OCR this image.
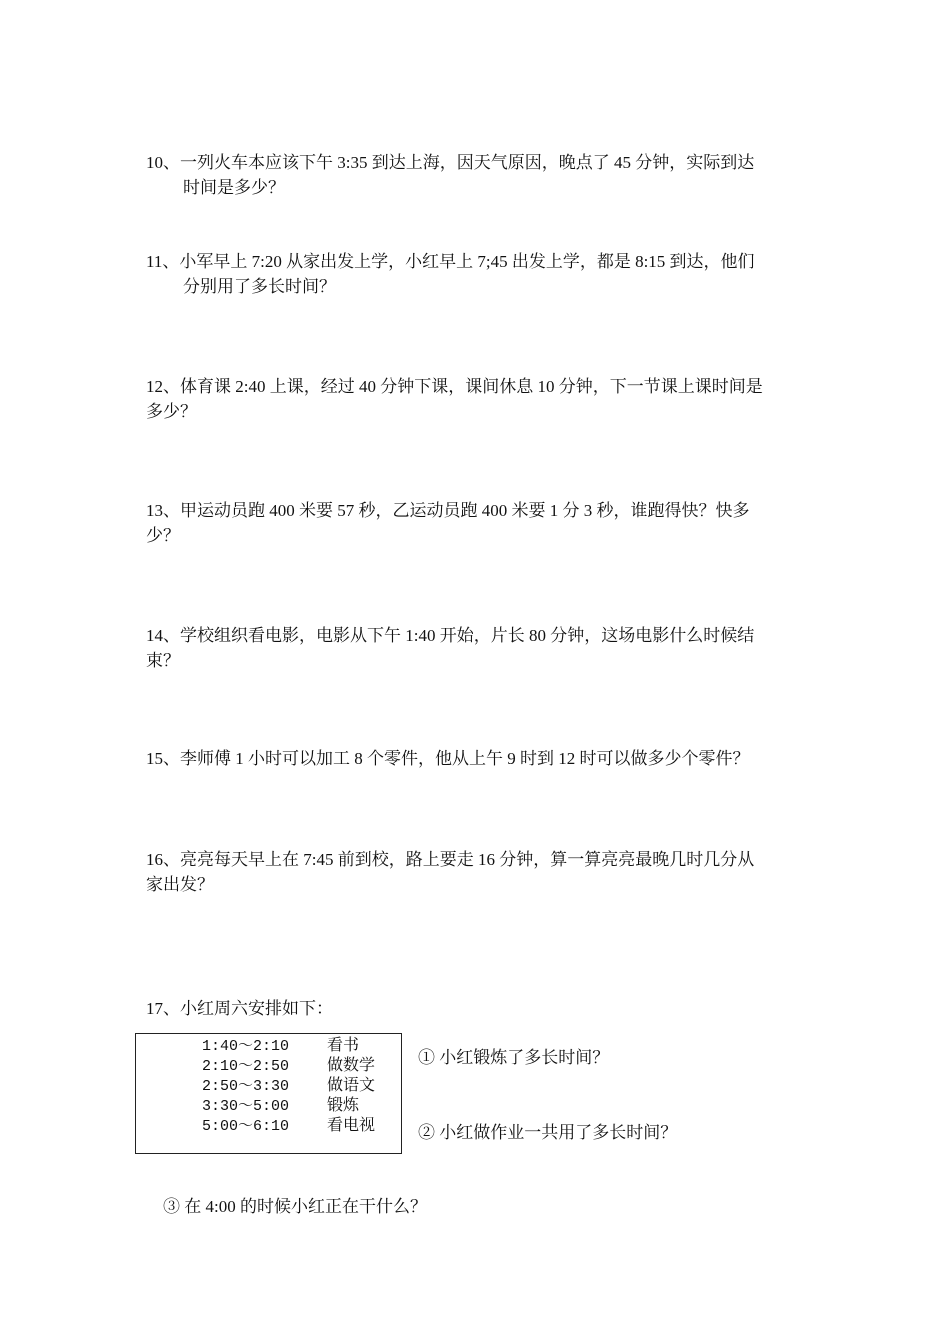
10、一列火车本应该下午 3:35 到达上海，因天气原因，晚点了 45 分钟，实际到达
时间是多少？
11、小军早上 7:20 从家出发上学，小红早上 7;45 出发上学，都是 8:15 到达，他们
分别用了多长时间？
12、体育课 2:40 上课，经过 40 分钟下课，课间休息 10 分钟，下一节课上课时间是
多少？
13、甲运动员跑 400 米要 57 秒，乙运动员跑 400 米要 1 分 3 秒，谁跑得快？快多
少？
14、学校组织看电影，电影从下午 1:40 开始，片长 80 分钟，这场电影什么时候结
束？
15、李师傅 1 小时可以加工 8 个零件，他从上午 9 时到 12 时可以做多少个零件？
16、亮亮每天早上在 7:45 前到校，路上要走 16 分钟，算一算亮亮最晚几时几分从
家出发？
17、小红周六安排如下：
1:40～2:10 看书
2:10～2:50 做数学
2:50～3:30 做语文
3:30～5:00 锻炼
5:00～6:10 看电视
① 小红锻炼了多长时间？
② 小红做作业一共用了多长时间？
③ 在 4:00 的时候小红正在干什么？
